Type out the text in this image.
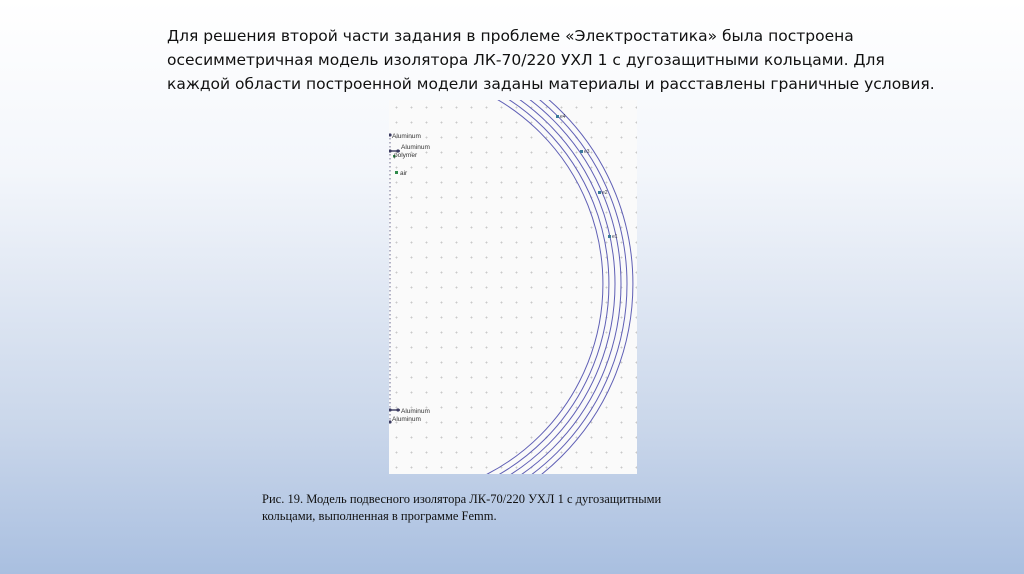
Для решения второй части задания в проблеме «Электростатика» была построена
осесимметричная модель изолятора ЛК-70/220 УХЛ 1 с дугозащитными кольцами. Для
каждой области построенной модели заданы материалы и расставлены граничные условия.
Aluminum
Aluminum
polymer
air
Aluminum
Aluminum
e4
e3
e2
e1
Рис. 19. Модель подвесного изолятора ЛК-70/220 УХЛ 1 с дугозащитными
кольцами, выполненная в программе Femm.
